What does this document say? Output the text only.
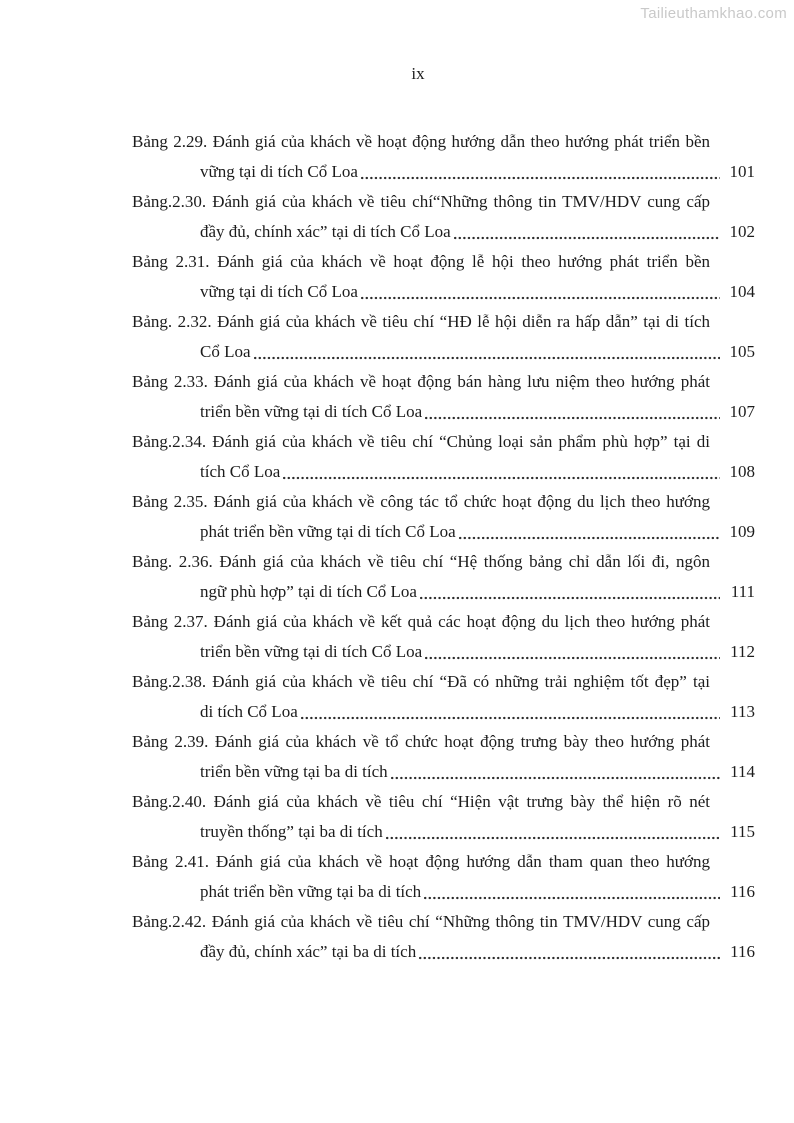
Tailieuthamkhao.com
ix
Bảng 2.29. Đánh giá của khách về hoạt động hướng dẫn theo hướng phát triển bền
vững tại di tích Cổ Loa	101
Bảng.2.30. Đánh giá của khách về tiêu chí“Những thông tin TMV/HDV cung cấp
đầy đủ, chính xác” tại di tích Cổ Loa	102
Bảng 2.31. Đánh giá của khách về hoạt động lễ hội theo hướng phát triển bền
vững tại di tích Cổ Loa	104
Bảng. 2.32. Đánh giá của khách về tiêu chí “HĐ lễ hội diễn ra hấp dẫn” tại di tích
Cổ Loa	105
Bảng 2.33. Đánh giá của khách về hoạt động bán hàng lưu niệm theo hướng phát
triển bền vững tại di tích Cổ Loa	107
Bảng.2.34. Đánh giá của khách về tiêu chí “Chủng loại sản phẩm phù hợp” tại di
tích Cổ Loa	108
Bảng 2.35. Đánh giá của khách về công tác tổ chức hoạt động du lịch theo hướng
phát triển bền vững tại di tích Cổ Loa	109
Bảng. 2.36. Đánh giá của khách về tiêu chí “Hệ thống bảng chỉ dẫn lối đi, ngôn
ngữ phù hợp” tại di tích Cổ Loa	111
Bảng 2.37. Đánh giá của khách về kết quả các hoạt động du lịch theo hướng phát
triển bền vững tại di tích Cổ Loa	112
Bảng.2.38. Đánh giá của khách về tiêu chí “Đã có những trải nghiệm tốt đẹp” tại
di tích Cổ Loa	113
Bảng 2.39. Đánh giá của khách về tổ chức hoạt động trưng bày theo hướng phát
triển bền vững tại ba di tích	114
Bảng.2.40. Đánh giá của khách về tiêu chí “Hiện vật trưng bày thể hiện rõ nét
truyền thống” tại ba di tích	115
Bảng 2.41. Đánh giá của khách về hoạt động hướng dẫn tham quan theo hướng
phát triển bền vững tại ba di tích	116
Bảng.2.42. Đánh giá của khách về tiêu chí “Những thông tin TMV/HDV cung cấp
đầy đủ, chính xác” tại ba di tích	116
